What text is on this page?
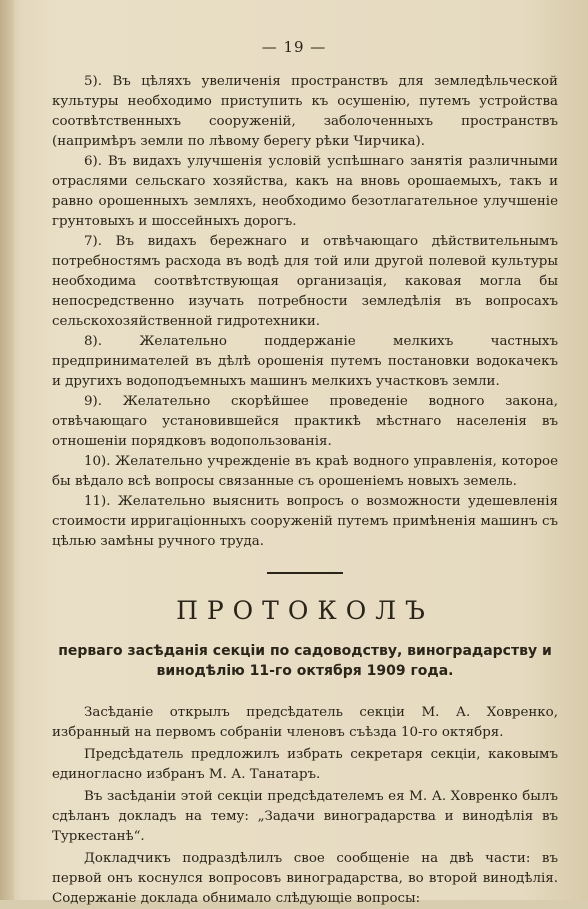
— 19 —

5). Въ цѣляхъ увеличенія пространствъ для земледѣльческой культуры необходимо приступить къ осушенію, путемъ устройства соотвѣтственныхъ сооруженій, заболоченныхъ пространствъ (напримѣръ земли по лѣвому берегу рѣки Чирчика).

6). Въ видахъ улучшенія условій успѣшнаго занятія различными отраслями сельскаго хозяйства, какъ на вновь орошаемыхъ, такъ и равно орошенныхъ земляхъ, необходимо безотлагательное улучшеніе грунтовыхъ и шоссейныхъ дорогъ.

7). Въ видахъ бережнаго и отвѣчающаго дѣйствительнымъ потребностямъ расхода въ водѣ для той или другой полевой культуры необходима соотвѣтствующая организація, каковая могла бы непосредственно изучать потребности земледѣлія въ вопросахъ сельскохозяйственной гидротехники.

8). Желательно поддержаніе мелкихъ частныхъ предпринимателей въ дѣлѣ орошенія путемъ постановки водокачекъ и другихъ водоподъемныхъ машинъ мелкихъ участковъ земли.

9). Желательно скорѣйшее проведеніе водного закона, отвѣчающаго установившейся практикѣ мѣстнаго населенія въ отношеніи порядковъ водопользованія.

10). Желательно учрежденіе въ краѣ водного управленія, которое бы вѣдало всѣ вопросы связанные съ орошеніемъ новыхъ земель.

11). Желательно выяснить вопросъ о возможности удешевленія стоимости ирригаціонныхъ сооруженій путемъ примѣненія машинъ съ цѣлью замѣны ручного труда.

ПРОТОКОЛЪ
перваго засѣданія секціи по садоводству, виноградарству и винодѣлію 11-го октября 1909 года.

Засѣданіе открылъ предсѣдатель секціи М. А. Ховренко, избранный на первомъ собраніи членовъ съѣзда 10-го октября.

Предсѣдатель предложилъ избрать секретаря секціи, каковымъ единогласно избранъ М. А. Танатаръ.

Въ засѣданіи этой секціи предсѣдателемъ ея М. А. Ховренко былъ сдѣланъ докладъ на тему: „Задачи виноградарства и винодѣлія въ Туркестанѣ“.

Докладчикъ подраздѣлилъ свое сообщеніе на двѣ части: въ первой онъ коснулся вопросовъ виноградарства, во второй винодѣлія. Содержаніе доклада обнимало слѣдующіе вопросы:
